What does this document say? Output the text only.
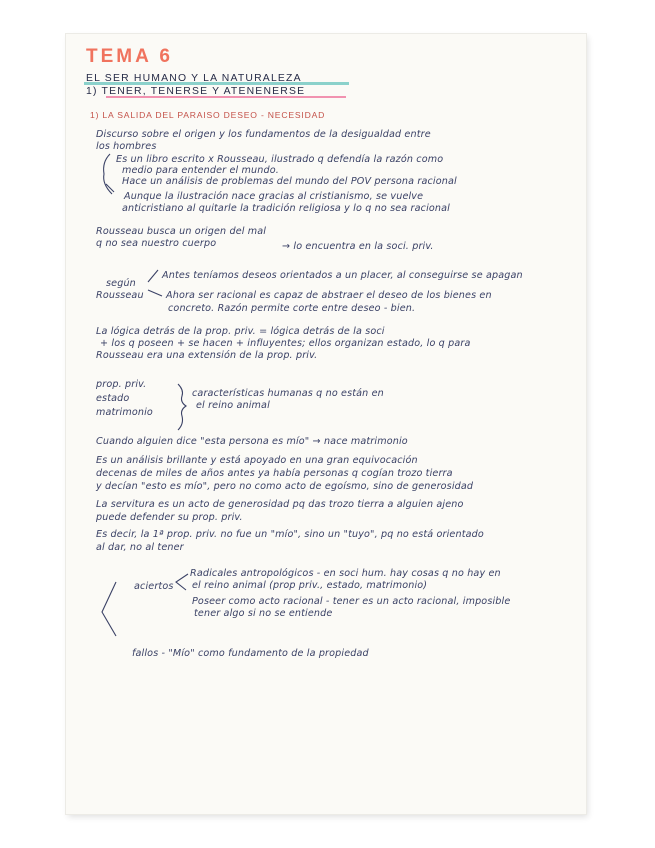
TEMA 6

EL SER HUMANO Y LA NATURALEZA

1) TENER, TENERSE Y ATENENERSE

1) LA SALIDA DEL PARAISO DESEO - NECESIDAD

Discurso sobre el origen y los fundamentos de la desigualdad entre

los hombres

Es un libro escrito x Rousseau, ilustrado q defendía la razón como

medio para entender el mundo.

Hace un análisis de problemas del mundo del POV persona racional

Aunque la ilustración nace gracias al cristianismo, se vuelve

anticristiano al quitarle la tradición religiosa y lo q no sea racional

Rousseau busca un origen del mal

q no sea nuestro cuerpo	→ lo encuentra en la soci. priv.

según

Rousseau

Antes teníamos deseos orientados a un placer, al conseguirse se apagan

Ahora ser racional es capaz de abstraer el deseo de los bienes en

concreto. Razón permite corte entre deseo - bien.

La lógica detrás de la prop. priv. = lógica detrás de la soci

+ los q poseen + se hacen + influyentes; ellos organizan estado, lo q para

Rousseau era una extensión de la prop. priv.

prop. priv.

estado

matrimonio

características humanas q no están en

el reino animal

Cuando alguien dice "esta persona es mío" → nace matrimonio

Es un análisis brillante y está apoyado en una gran equivocación

decenas de miles de años antes ya había personas q cogían trozo tierra

y decían "esto es mío", pero no como acto de egoísmo, sino de generosidad

La servitura es un acto de generosidad pq das trozo tierra a alguien ajeno

puede defender su prop. priv.

Es decir, la 1ª prop. priv. no fue un "mío", sino un "tuyo", pq no está orientado

al dar, no al tener

aciertos

Radicales antropológicos - en soci hum. hay cosas q no hay en

el reino animal (prop priv., estado, matrimonio)

Poseer como acto racional - tener es un acto racional, imposible

tener algo si no se entiende

fallos - "Mío" como fundamento de la propiedad
